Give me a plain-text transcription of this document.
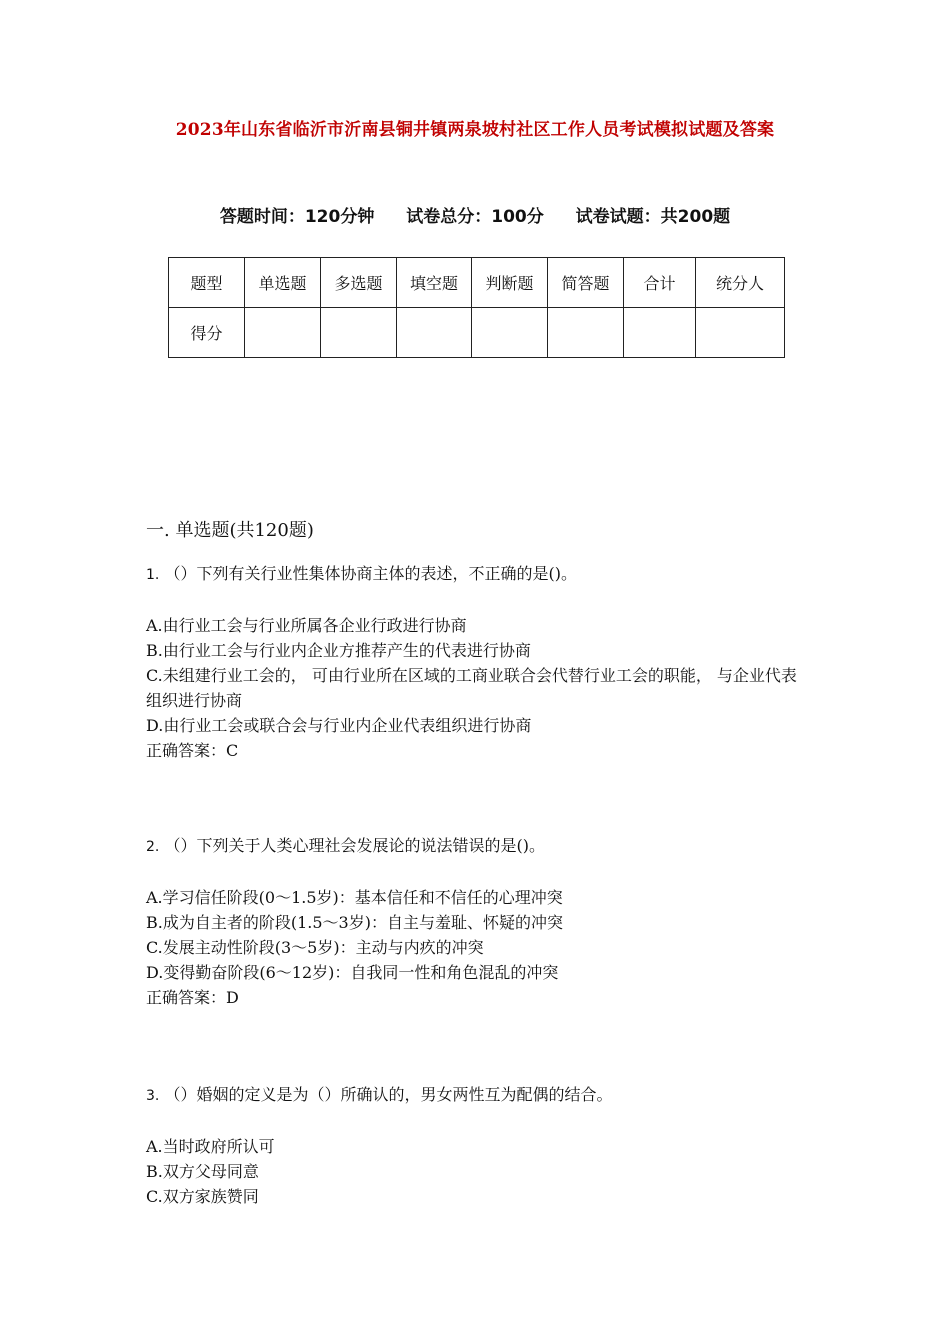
2023年山东省临沂市沂南县铜井镇两泉坡村社区工作人员考试模拟试题及答案
答题时间：120分钟 试卷总分：100分 试卷试题：共200题
题型	单选题	多选题	填空题	判断题	简答题	合计	统分人
得分							
一. 单选题(共120题)

1. （）下列有关行业性集体协商主体的表述，不正确的是()。

A.由行业工会与行业所属各企业行政进行协商

B.由行业工会与行业内企业方推荐产生的代表进行协商

C.未组建行业工会的， 可由行业所在区域的工商业联合会代替行业工会的职能， 与企业代表组织进行协商

D.由行业工会或联合会与行业内企业代表组织进行协商

正确答案：C

2. （）下列关于人类心理社会发展论的说法错误的是()。

A.学习信任阶段(0～1.5岁)：基本信任和不信任的心理冲突

B.成为自主者的阶段(1.5～3岁)：自主与羞耻、怀疑的冲突

C.发展主动性阶段(3～5岁)：主动与内疚的冲突

D.变得勤奋阶段(6～12岁)：自我同一性和角色混乱的冲突

正确答案：D

3. （）婚姻的定义是为（）所确认的，男女两性互为配偶的结合。

A.当时政府所认可

B.双方父母同意

C.双方家族赞同
